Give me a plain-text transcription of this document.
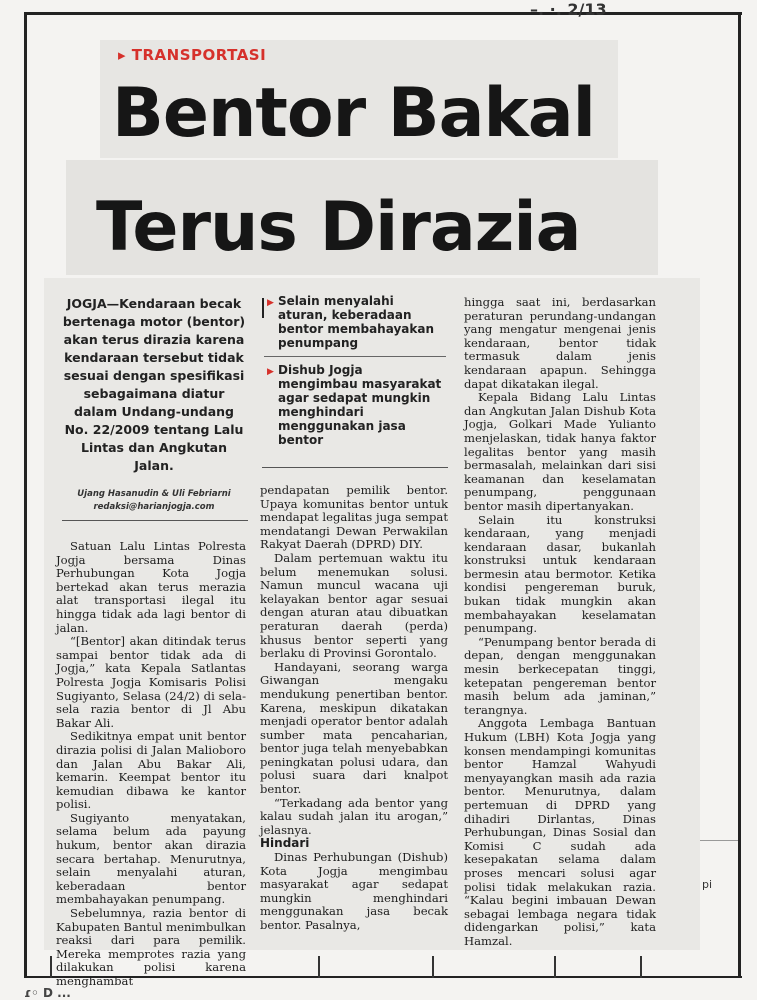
–. ·. 2/13
▸ TRANSPORTASI
Bentor Bakal
Terus Dirazia
JOGJA—Kendaraan becak bertenaga motor (bentor) akan terus dirazia karena kendaraan tersebut tidak sesuai dengan spesifikasi sebagaimana diatur dalam Undang-undang No. 22/2009 tentang Lalu Lintas dan Angkutan Jalan.
Ujang Hasanudin & Uli Febriarni
redaksi@harianjogja.com
▶ Selain menyalahi aturan, keberadaan bentor membahayakan penumpang
▶ Dishub Jogja mengimbau masyarakat agar sedapat mungkin menghindari menggunakan jasa bentor

Satuan Lalu Lintas Polresta Jogja bersama Dinas Perhubungan Kota Jogja bertekad akan terus merazia alat transportasi ilegal itu hingga tidak ada lagi bentor di jalan.

“[Bentor] akan ditindak terus sampai bentor tidak ada di Jogja,” kata Kepala Satlantas Polresta Jogja Komisaris Polisi Sugiyanto, Selasa (24/2) di sela-sela razia bentor di Jl Abu Bakar Ali.

Sedikitnya empat unit bentor dirazia polisi di Jalan Malioboro dan Jalan Abu Bakar Ali, kemarin. Keempat bentor itu kemudian dibawa ke kantor polisi.

Sugiyanto menyatakan, selama belum ada payung hukum, bentor akan dirazia secara bertahap. Menurutnya, selain menyalahi aturan, keberadaan bentor membahayakan penumpang.

Sebelumnya, razia bentor di Kabupaten Bantul menimbulkan reaksi dari para pemilik. Mereka memprotes razia yang dilakukan polisi karena menghambat

pendapatan pemilik bentor. Upaya komunitas bentor untuk mendapat legalitas juga sempat mendatangi Dewan Perwakilan Rakyat Daerah (DPRD) DIY.

Dalam pertemuan waktu itu belum menemukan solusi. Namun muncul wacana uji kelayakan bentor agar sesuai dengan aturan atau dibuatkan peraturan daerah (perda) khusus bentor seperti yang berlaku di Provinsi Gorontalo.

Handayani, seorang warga Giwangan mengaku mendukung penertiban bentor. Karena, meskipun dikatakan menjadi operator bentor adalah sumber mata pencaharian, bentor juga telah menyebabkan peningkatan polusi udara, dan polusi suara dari knalpot bentor.

“Terkadang ada bentor yang kalau sudah jalan itu arogan,” jelasnya.

Hindari

Dinas Perhubungan (Dishub) Kota Jogja mengimbau masyarakat agar sedapat mungkin menghindari menggunakan jasa becak bentor. Pasalnya,

hingga saat ini, berdasarkan peraturan perundang-undangan yang mengatur mengenai jenis kendaraan, bentor tidak termasuk dalam jenis kendaraan apapun. Sehingga dapat dikatakan ilegal.

Kepala Bidang Lalu Lintas dan Angkutan Jalan Dishub Kota Jogja, Golkari Made Yulianto menjelaskan, tidak hanya faktor legalitas bentor yang masih bermasalah, melainkan dari sisi keamanan dan keselamatan penumpang, penggunaan bentor masih dipertanyakan.

Selain itu konstruksi kendaraan, yang menjadi kendaraan dasar, bukanlah konstruksi untuk kendaraan bermesin atau bermotor. Ketika kondisi pengereman buruk, bukan tidak mungkin akan membahayakan keselamatan penumpang.

“Penumpang bentor berada di depan, dengan menggunakan mesin berkecepatan tinggi, ketepatan pengereman bentor masih belum ada jaminan,” terangnya.

Anggota Lembaga Bantuan Hukum (LBH) Kota Jogja yang konsen mendampingi komunitas bentor Hamzal Wahyudi menyayangkan masih ada razia bentor. Menurutnya, dalam pertemuan di DPRD yang dihadiri Dirlantas, Dinas Perhubungan, Dinas Sosial dan Komisi C sudah ada kesepakatan selama dalam proses mencari solusi agar polisi tidak melakukan razia. “Kalau begini imbauan Dewan sebagai lembaga negara tidak didengarkan polisi,” kata Hamzal.

pi
ɾ◦ D ...
